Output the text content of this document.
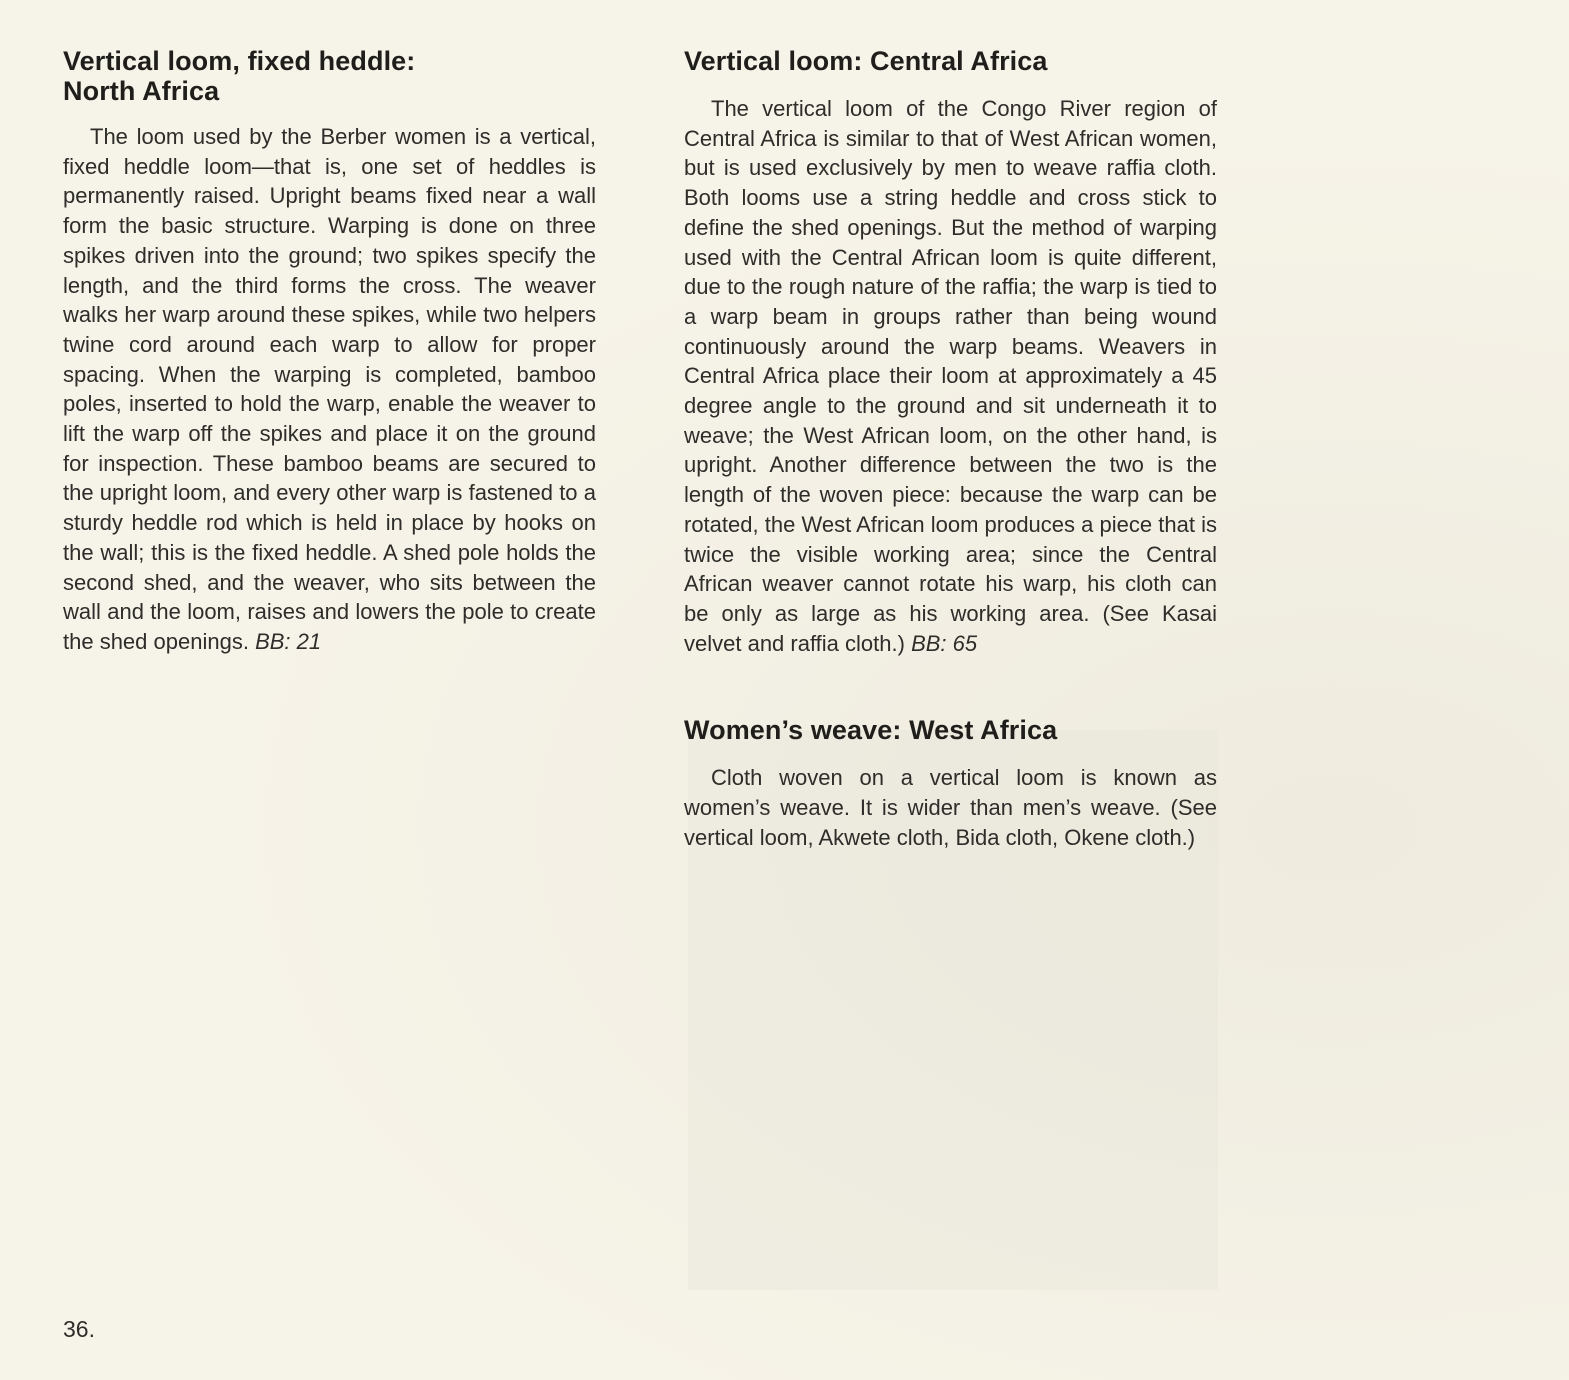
Vertical loom, fixed heddle:
North Africa

The loom used by the Berber women is a vertical, fixed heddle loom—that is, one set of heddles is permanently raised. Upright beams fixed near a wall form the basic structure. Warping is done on three spikes driven into the ground; two spikes specify the length, and the third forms the cross. The weaver walks her warp around these spikes, while two helpers twine cord around each warp to allow for proper spacing. When the warping is completed, bamboo poles, inserted to hold the warp, enable the weaver to lift the warp off the spikes and place it on the ground for inspection. These bamboo beams are secured to the upright loom, and every other warp is fastened to a sturdy heddle rod which is held in place by hooks on the wall; this is the fixed heddle. A shed pole holds the second shed, and the weaver, who sits between the wall and the loom, raises and lowers the pole to create the shed openings. BB: 21

Vertical loom: Central Africa

The vertical loom of the Congo River region of Central Africa is similar to that of West African women, but is used exclusively by men to weave raffia cloth. Both looms use a string heddle and cross stick to define the shed openings. But the method of warping used with the Central African loom is quite different, due to the rough nature of the raffia; the warp is tied to a warp beam in groups rather than being wound continuously around the warp beams. Weavers in Central Africa place their loom at approximately a 45 degree angle to the ground and sit underneath it to weave; the West African loom, on the other hand, is upright. Another difference between the two is the length of the woven piece: because the warp can be rotated, the West African loom produces a piece that is twice the visible working area; since the Central African weaver cannot rotate his warp, his cloth can be only as large as his working area. (See Kasai velvet and raffia cloth.) BB: 65

Women’s weave: West Africa

Cloth woven on a vertical loom is known as women’s weave. It is wider than men’s weave. (See vertical loom, Akwete cloth, Bida cloth, Okene cloth.)

36.
